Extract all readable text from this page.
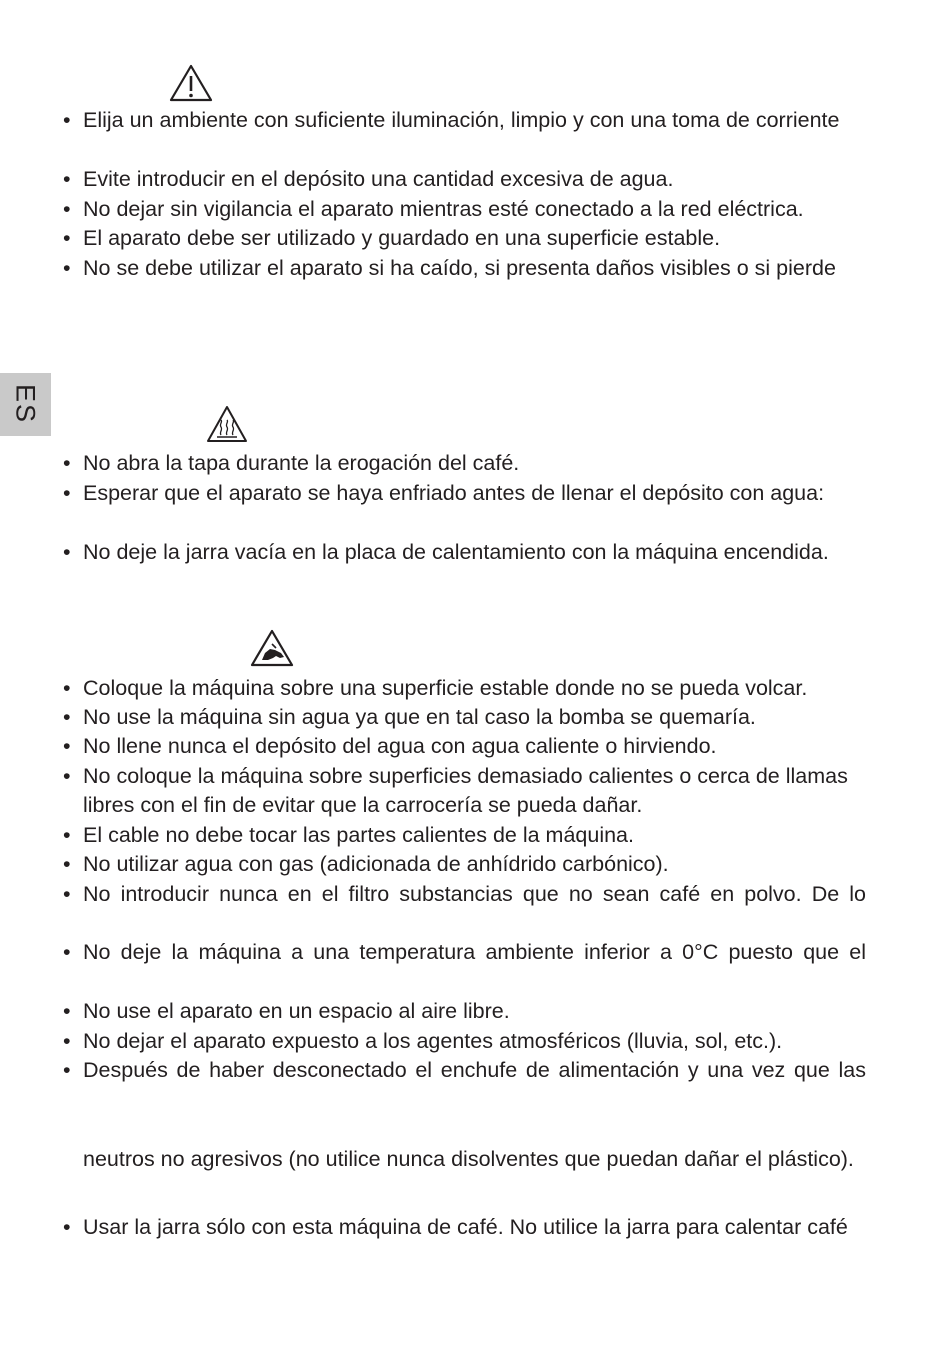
ES
• Elija un ambiente con suficiente iluminación, limpio y con una toma de corriente
• Evite introducir en el depósito una cantidad excesiva de agua.
• No dejar sin vigilancia el aparato mientras esté conectado a la red eléctrica.
• El aparato debe ser utilizado y guardado en una superficie estable.
• No se debe utilizar el aparato si ha caído, si presenta daños visibles o si pierde
• No abra la tapa durante la erogación del café.
• Esperar que el aparato se haya enfriado antes de llenar el depósito con agua:
• No deje la jarra vacía en la placa de calentamiento con la máquina encendida.
• Coloque la máquina sobre una superficie estable donde no se pueda volcar.
• No use la máquina sin agua ya que en tal caso la bomba se quemaría.
• No llene nunca el depósito del agua con agua caliente o hirviendo.
• No coloque la máquina sobre superficies demasiado calientes o cerca de llamas
libres con el fin de evitar que la carrocería se pueda dañar.
• El cable no debe tocar las partes calientes de la máquina.
• No utilizar agua con gas (adicionada de anhídrido carbónico).
• No introducir nunca en el filtro substancias que no sean café en polvo. De lo
• No deje la máquina a una temperatura ambiente inferior a 0°C puesto que el
• No use el aparato en un espacio al aire libre.
• No dejar el aparato expuesto a los agentes atmosféricos (lluvia, sol, etc.).
• Después de haber desconectado el enchufe de alimentación y una vez que las
neutros no agresivos (no utilice nunca disolventes que puedan dañar el plástico).
• Usar la jarra sólo con esta máquina de café. No utilice la jarra para calentar café
